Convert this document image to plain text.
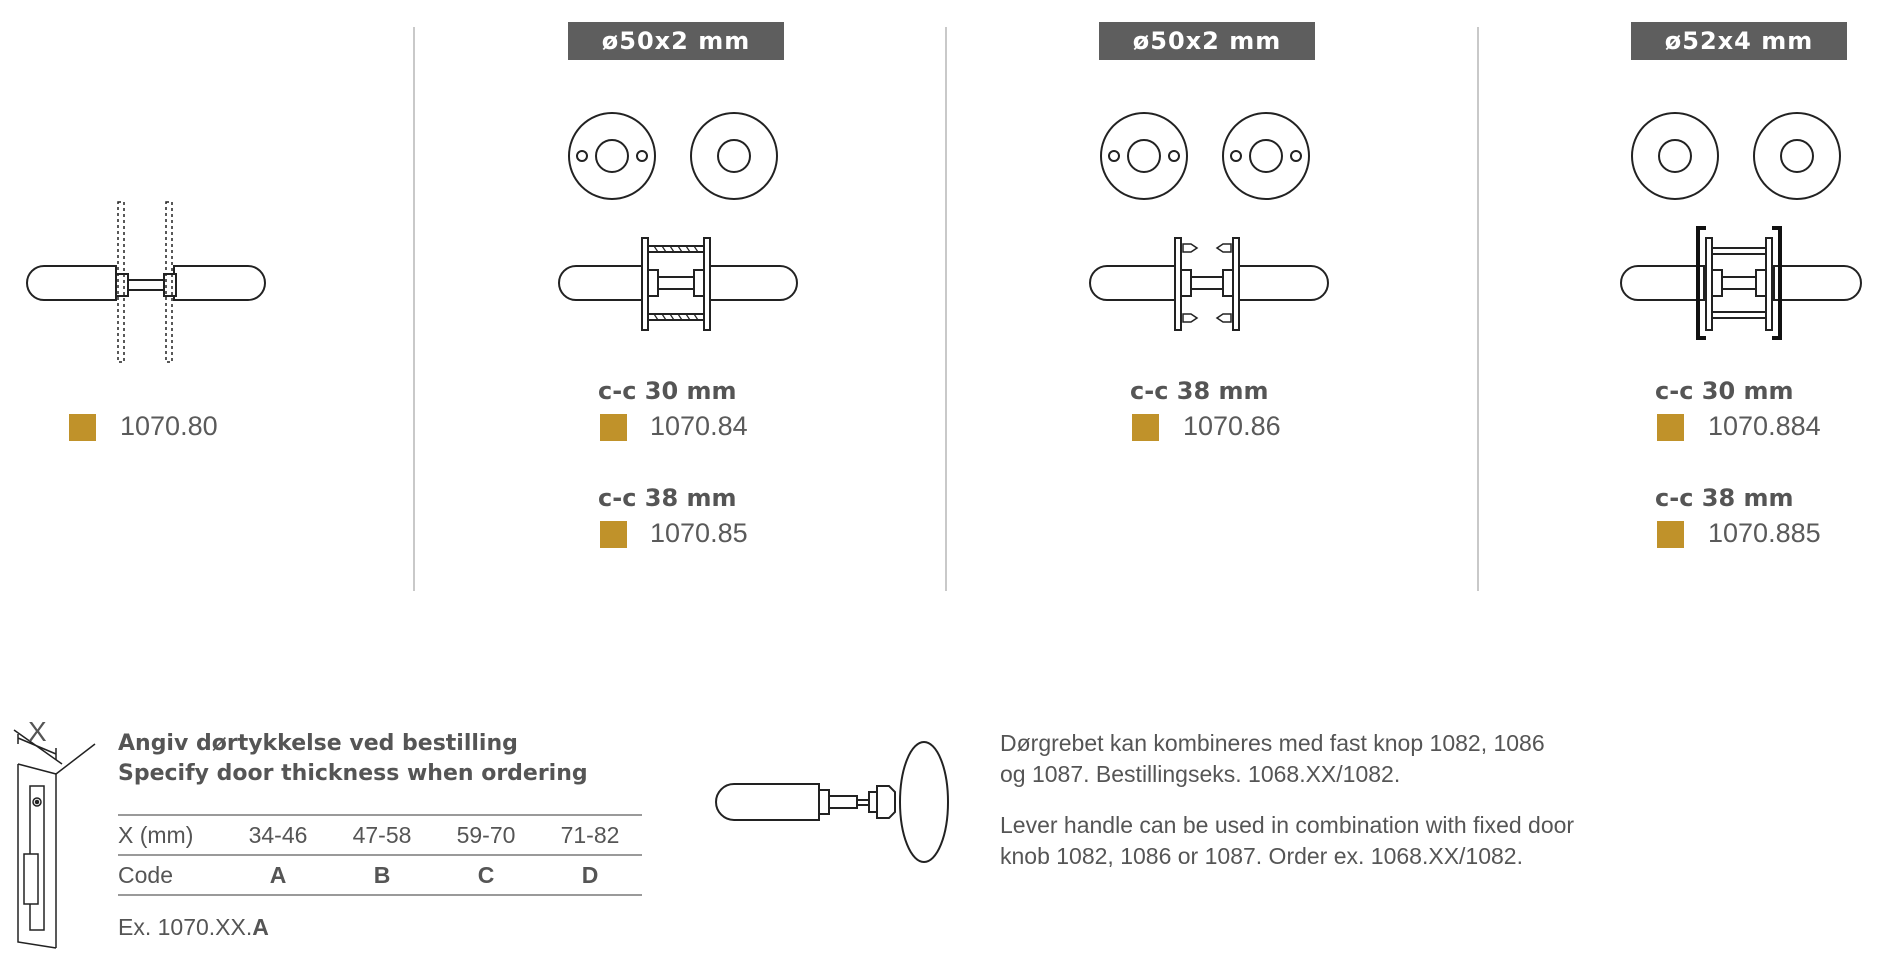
1070.80
ø50x2 mm
c-c 30 mm
1070.84
c-c 38 mm
1070.85
ø50x2 mm
c-c 38 mm
1070.86
ø52x4 mm
c-c 30 mm
1070.884
c-c 38 mm
1070.885
X	Angiv dørtykkelse ved bestilling
Specify door thickness when ordering
X (mm)	34-46	47-58	59-70	71-82
Code	A	B	C	D
Ex. 1070.XX.A
Dørgrebet kan kombineres med fast knop 1082, 1086
og 1087. Bestillingseks. 1068.XX/1082.
Lever handle can be used in combination with fixed door
knob 1082, 1086 or 1087. Order ex. 1068.XX/1082.
